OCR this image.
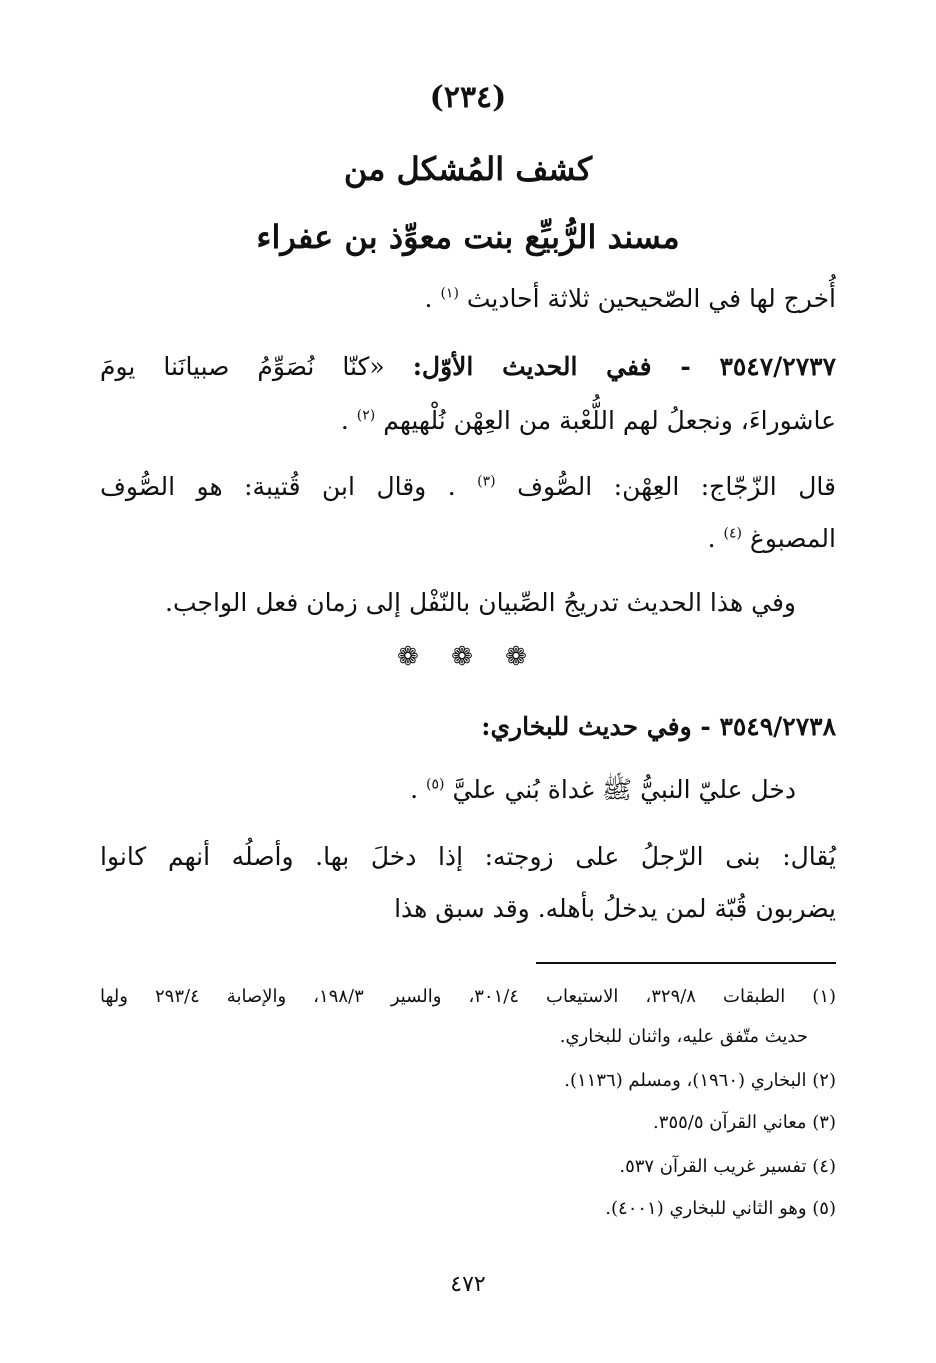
(٢٣٤)
كشف المُشكل من
مسند الرُّبيِّع بنت معوِّذ بن عفراء
أُخرج لها في الصّحيحين ثلاثة أحاديث $^{(١)}$ .
٣٥٤٧/٢٧٣٧ - ففي الحديث الأوّل: «كنّا نُصَوِّمُ صبيانَنا يومَ
عاشوراءَ، ونجعلُ لهم اللُّعْبة من العِهْن نُلْهيهم $^{(٢)}$ .
قال الزّجّاج: العِهْن: الصُّوف $^{(٣)}$ . وقال ابن قُتيبة: هو الصُّوف
المصبوغ $^{(٤)}$ .
وفي هذا الحديث تدريجُ الصِّبيان بالنّفْل إلى زمان فعل الواجب.
❁ ❁ ❁
٣٥٤٩/٢٧٣٨ - وفي حديث للبخاري:
دخل عليّ النبيُّ ﷺ غداة بُني عليَّ $^{(٥)}$ .
يُقال: بنى الرّجلُ على زوجته: إذا دخلَ بها. وأصلُه أنهم كانوا
يضربون قُبّة لمن يدخلُ بأهله. وقد سبق هذا
(١) الطبقات ٣٢٩/٨، الاستيعاب ٣٠١/٤، والسير ١٩٨/٣، والإصابة ٢٩٣/٤ ولها
حديث متّفق عليه، واثنان للبخاري.
(٢) البخاري (١٩٦٠)، ومسلم (١١٣٦).
(٣) معاني القرآن ٣٥٥/٥.
(٤) تفسير غريب القرآن ٥٣٧.
(٥) وهو الثاني للبخاري (٤٠٠١).
٤٧٢
